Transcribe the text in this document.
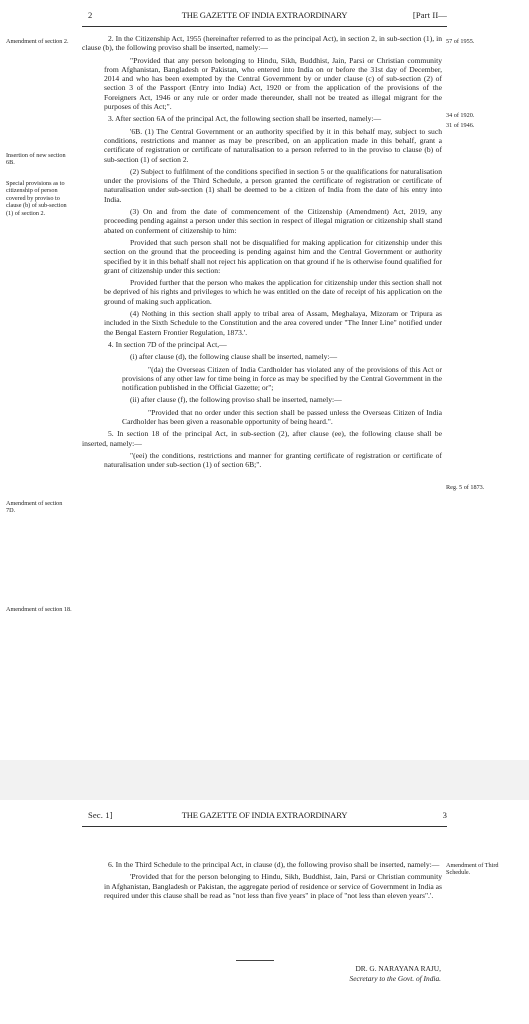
2	THE GAZETTE OF INDIA EXTRAORDINARY	[Part II—
Amendment of section 2.
Insertion of new section 6B.
Special provisions as to citizenship of person covered by proviso to clause (b) of sub-section (1) of section 2.
Amendment of section 7D.
Amendment of section 18.
57 of 1955.
34 of 1920.
31 of 1946.
Reg. 5 of 1873.

2. In the Citizenship Act, 1955 (hereinafter referred to as the principal Act), in section 2, in sub-section (1), in clause (b), the following proviso shall be inserted, namely:—

"Provided that any person belonging to Hindu, Sikh, Buddhist, Jain, Parsi or Christian community from Afghanistan, Bangladesh or Pakistan, who entered into India on or before the 31st day of December, 2014 and who has been exempted by the Central Government by or under clause (c) of sub-section (2) of section 3 of the Passport (Entry into India) Act, 1920 or from the application of the provisions of the Foreigners Act, 1946 or any rule or order made thereunder, shall not be treated as illegal migrant for the purposes of this Act;".

3. After section 6A of the principal Act, the following section shall be inserted, namely:—

'6B. (1) The Central Government or an authority specified by it in this behalf may, subject to such conditions, restrictions and manner as may be prescribed, on an application made in this behalf, grant a certificate of registration or certificate of naturalisation to a person referred to in the proviso to clause (b) of sub-section (1) of section 2.

(2) Subject to fulfilment of the conditions specified in section 5 or the qualifications for naturalisation under the provisions of the Third Schedule, a person granted the certificate of registration or certificate of naturalisation under sub-section (1) shall be deemed to be a citizen of India from the date of his entry into India.

(3) On and from the date of commencement of the Citizenship (Amendment) Act, 2019, any proceeding pending against a person under this section in respect of illegal migration or citizenship shall stand abated on conferment of citizenship to him:

Provided that such person shall not be disqualified for making application for citizenship under this section on the ground that the proceeding is pending against him and the Central Government or authority specified by it in this behalf shall not reject his application on that ground if he is otherwise found qualified for grant of citizenship under this section:

Provided further that the person who makes the application for citizenship under this section shall not be deprived of his rights and privileges to which he was entitled on the date of receipt of his application on the ground of making such application.

(4) Nothing in this section shall apply to tribal area of Assam, Meghalaya, Mizoram or Tripura as included in the Sixth Schedule to the Constitution and the area covered under "The Inner Line" notified under the Bengal Eastern Frontier Regulation, 1873.'.

4. In section 7D of the principal Act,—

(i) after clause (d), the following clause shall be inserted, namely:—

"(da) the Overseas Citizen of India Cardholder has violated any of the provisions of this Act or provisions of any other law for time being in force as may be specified by the Central Government in the notification published in the Official Gazette; or";

(ii) after clause (f), the following proviso shall be inserted, namely:—

"Provided that no order under this section shall be passed unless the Overseas Citizen of India Cardholder has been given a reasonable opportunity of being heard.".

5. In section 18 of the principal Act, in sub-section (2), after clause (ee), the following clause shall be inserted, namely:—

"(eei) the conditions, restrictions and manner for granting certificate of registration or certificate of naturalisation under sub-section (1) of section 6B;".

Sec. 1]	THE GAZETTE OF INDIA EXTRAORDINARY	3
Amendment of Third Schedule.

6. In the Third Schedule to the principal Act, in clause (d), the following proviso shall be inserted, namely:—

'Provided that for the person belonging to Hindu, Sikh, Buddhist, Jain, Parsi or Christian community in Afghanistan, Bangladesh or Pakistan, the aggregate period of residence or service of Government in India as required under this clause shall be read as "not less than five years" in place of "not less than eleven years".'.

DR. G. NARAYANA RAJU,
Secretary to the Govt. of India.
